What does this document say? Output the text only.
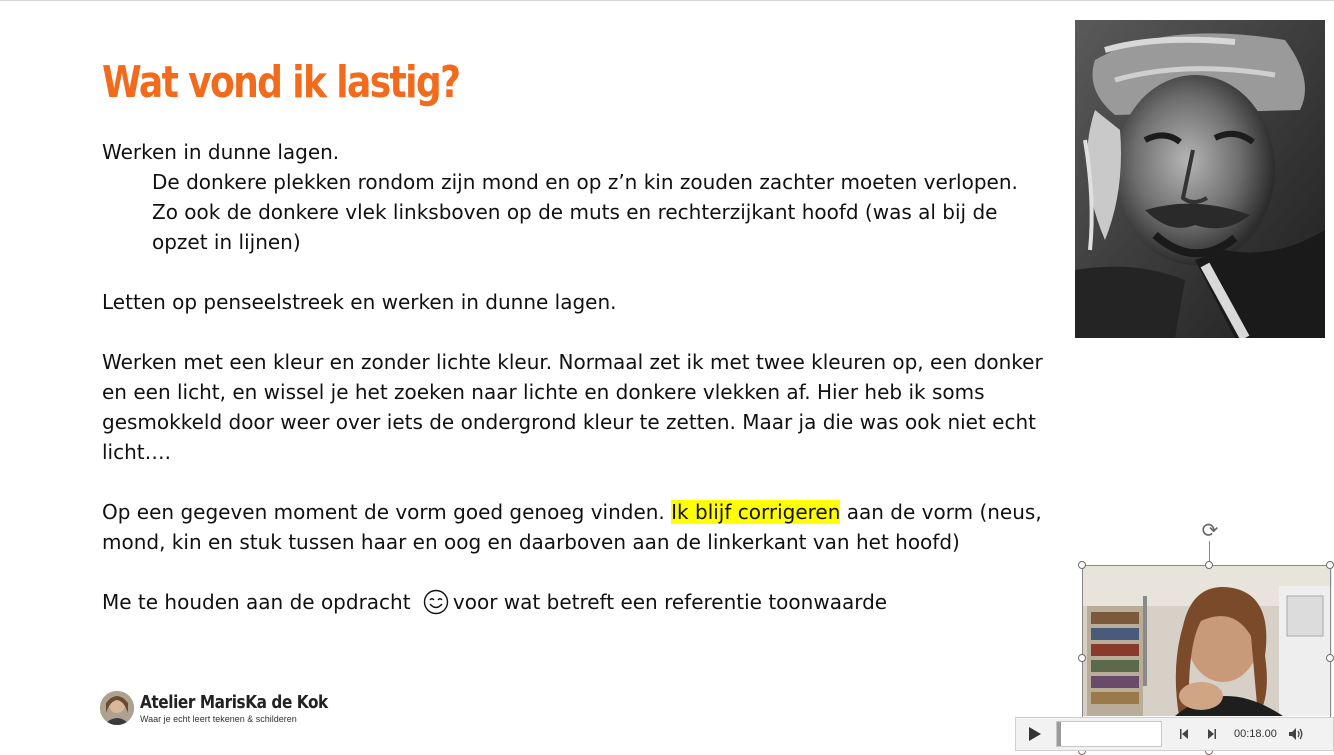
Wat vond ik lastig?

Werken in dunne lagen.

De donkere plekken rondom zijn mond en op z’n kin zouden zachter moeten verlopen.

Zo ook de donkere vlek linksboven op de muts en rechterzijkant hoofd (was al bij de

opzet in lijnen)

Letten op penseelstreek en werken in dunne lagen.

Werken met een kleur en zonder lichte kleur. Normaal zet ik met twee kleuren op, een donker

en een licht, en wissel je het zoeken naar lichte en donkere vlekken af. Hier heb ik soms

gesmokkeld door weer over iets de ondergrond kleur te zetten. Maar ja die was ook niet echt

licht….

Op een gegeven moment de vorm goed genoeg vinden. Ik blijf corrigeren aan de vorm (neus,

mond, kin en stuk tussen haar en oog en daarboven aan de linkerkant van het hoofd)

Me te houden aan de opdracht voor wat betreft een referentie toonwaarde

Atelier MarisKa de Kok
Waar je echt leert tekenen & schilderen
⟳
00:18.00
